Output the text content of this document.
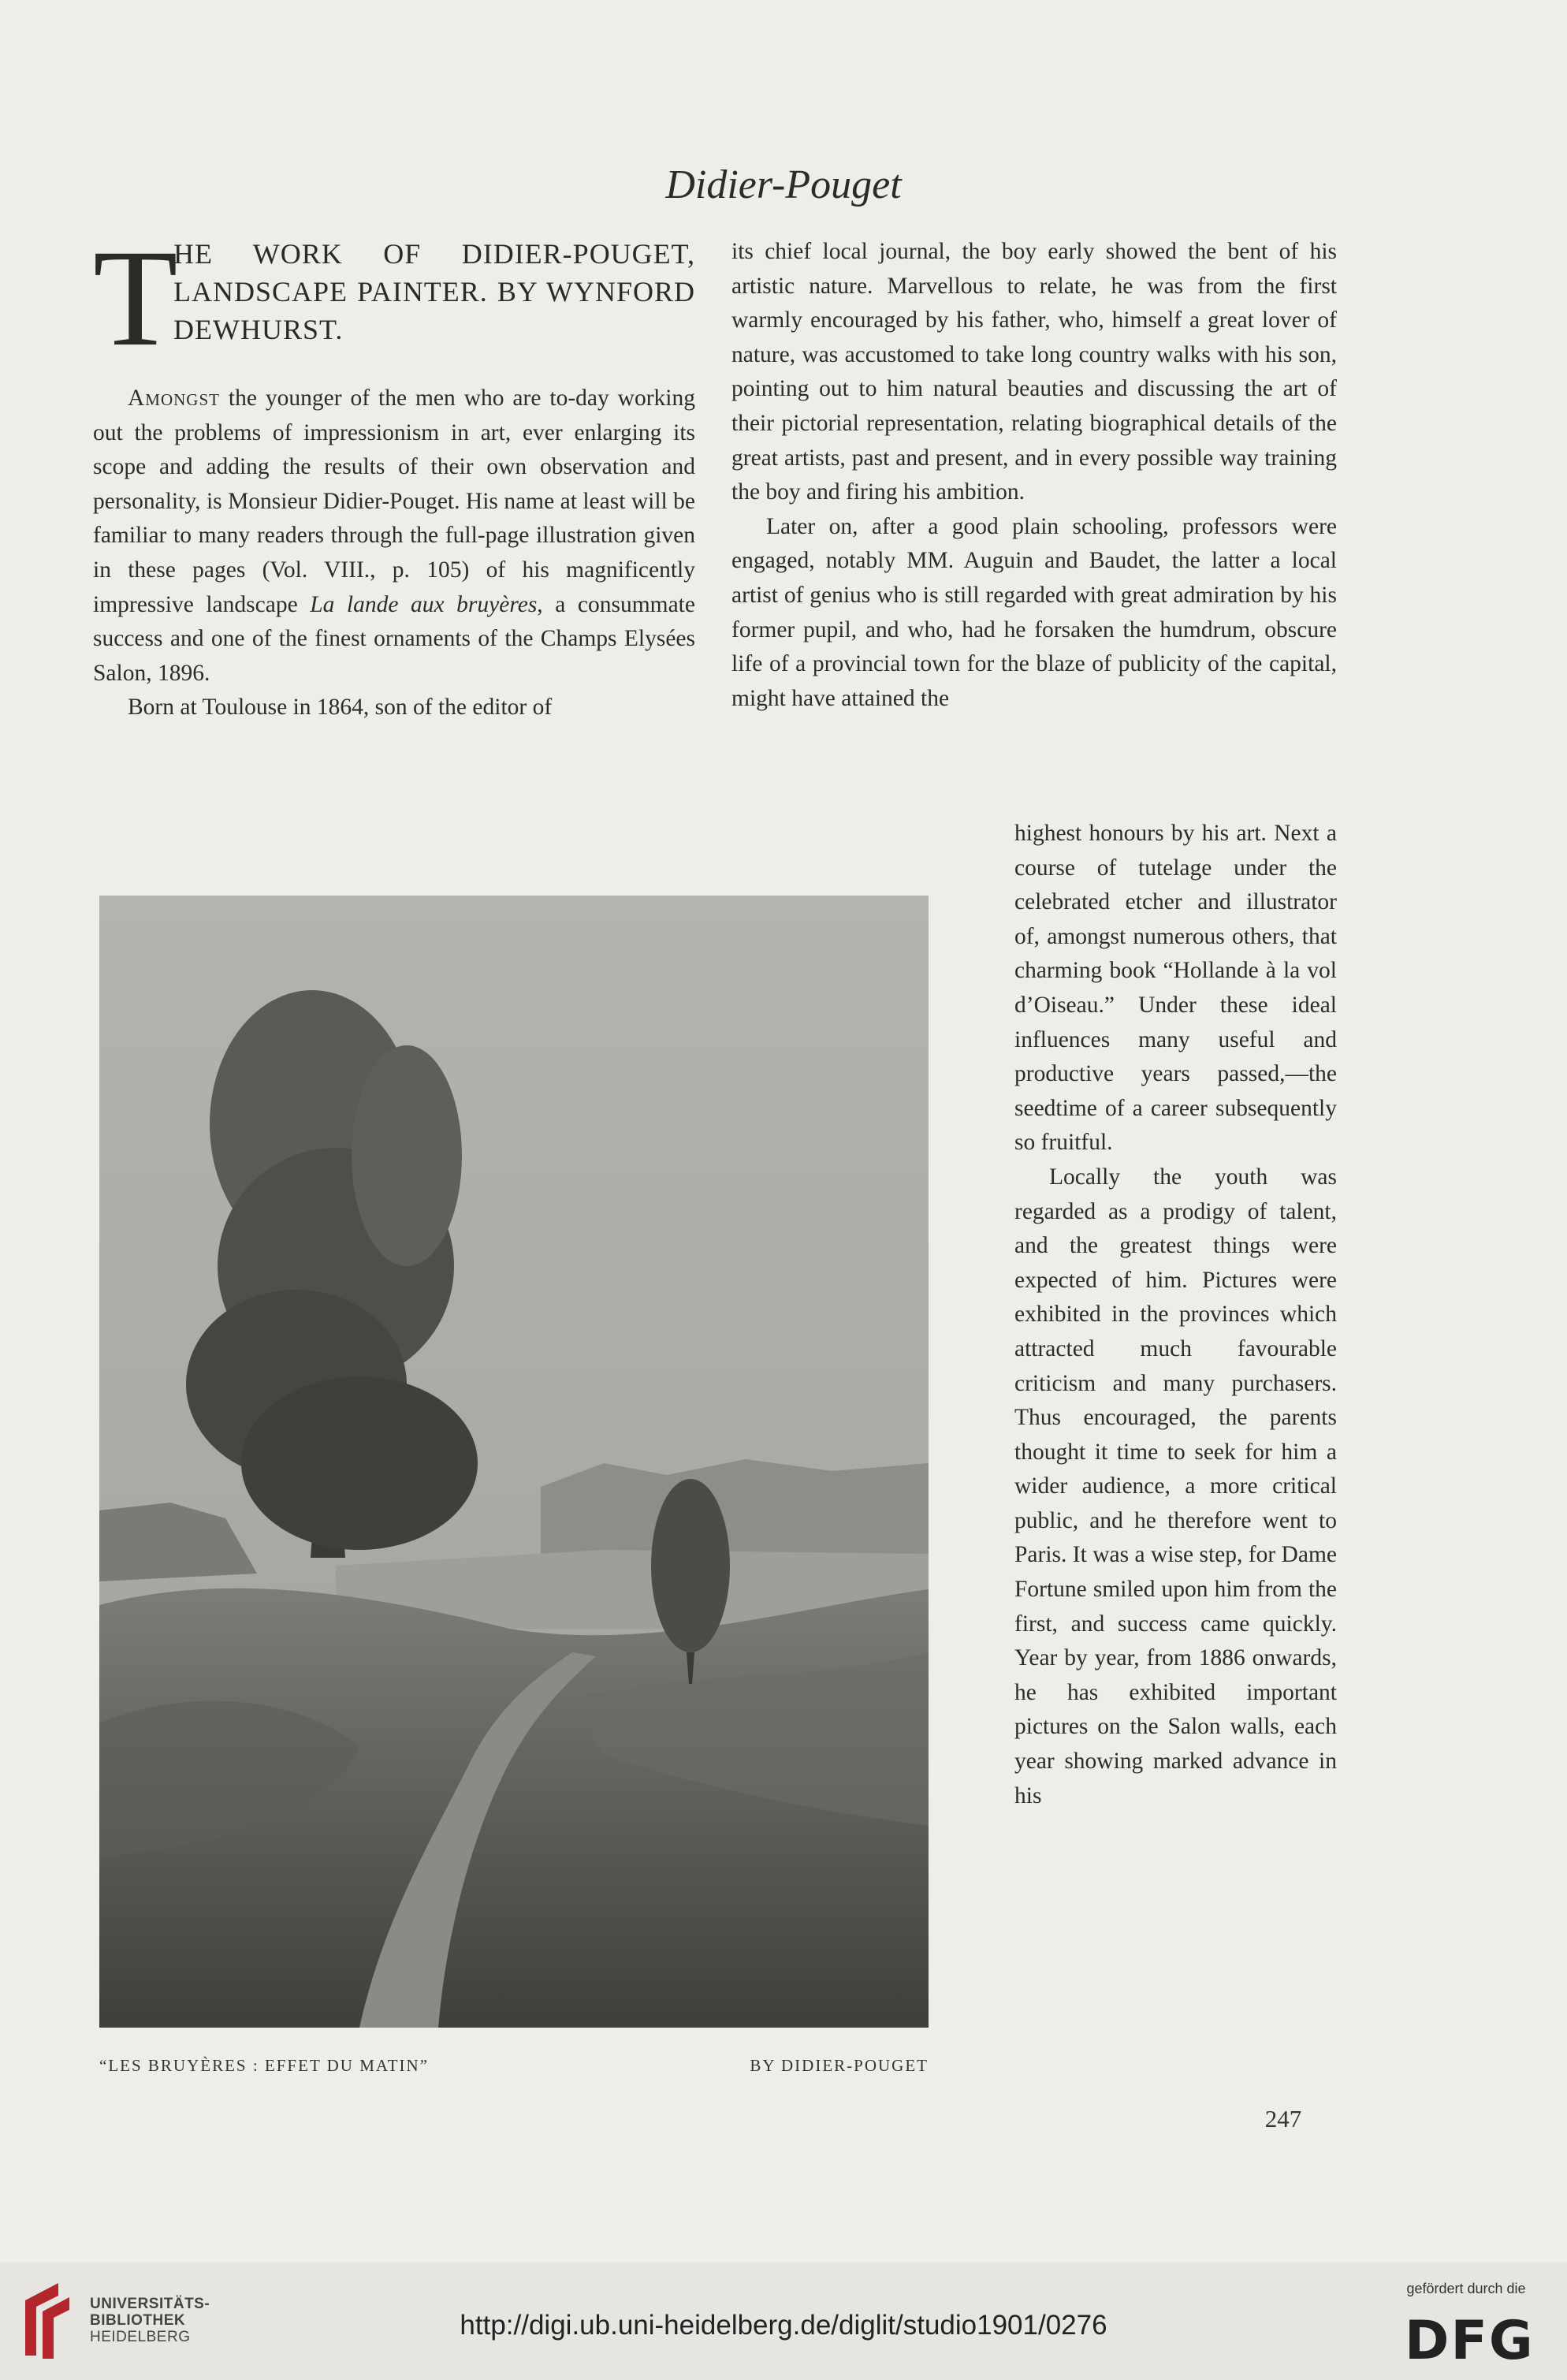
Didier-Pouget
T
HE WORK OF DIDIER-POUGET, LANDSCAPE PAINTER. BY WYNFORD DEWHURST.

Amongst the younger of the men who are to-day working out the problems of impressionism in art, ever enlarging its scope and adding the results of their own observation and personality, is Monsieur Didier-Pouget. His name at least will be familiar to many readers through the full-page illustration given in these pages (Vol. VIII., p. 105) of his magnificently impressive landscape La lande aux bruyères, a consummate success and one of the finest ornaments of the Champs Elysées Salon, 1896.

Born at Toulouse in 1864, son of the editor of

its chief local journal, the boy early showed the bent of his artistic nature. Marvellous to relate, he was from the first warmly encouraged by his father, who, himself a great lover of nature, was accustomed to take long country walks with his son, pointing out to him natural beauties and discussing the art of their pictorial representation, relating biographical details of the great artists, past and present, and in every possible way training the boy and firing his ambition.

Later on, after a good plain schooling, professors were engaged, notably MM. Auguin and Baudet, the latter a local artist of genius who is still regarded with great admiration by his former pupil, and who, had he forsaken the humdrum, obscure life of a provincial town for the blaze of publicity of the capital, might have attained the

highest honours by his art. Next a course of tutelage under the celebrated etcher and illustrator of, amongst numerous others, that charming book “Hollande à la vol d’Oiseau.” Under these ideal influences many useful and productive years passed,—the seedtime of a career subsequently so fruitful.

Locally the youth was regarded as a prodigy of talent, and the greatest things were expected of him. Pictures were exhibited in the provinces which attracted much favourable criticism and many purchasers. Thus encouraged, the parents thought it time to seek for him a wider audience, a more critical public, and he therefore went to Paris. It was a wise step, for Dame Fortune smiled upon him from the first, and success came quickly. Year by year, from 1886 onwards, he has exhibited important pictures on the Salon walls, each year showing marked advance in his

“LES BRUYÈRES : EFFET DU MATIN”	BY DIDIER-POUGET
247
UNIVERSITÄTS-
BIBLIOTHEK
HEIDELBERG	http://digi.ub.uni-heidelberg.de/diglit/studio1901/0276
gefördert durch die
DFG
